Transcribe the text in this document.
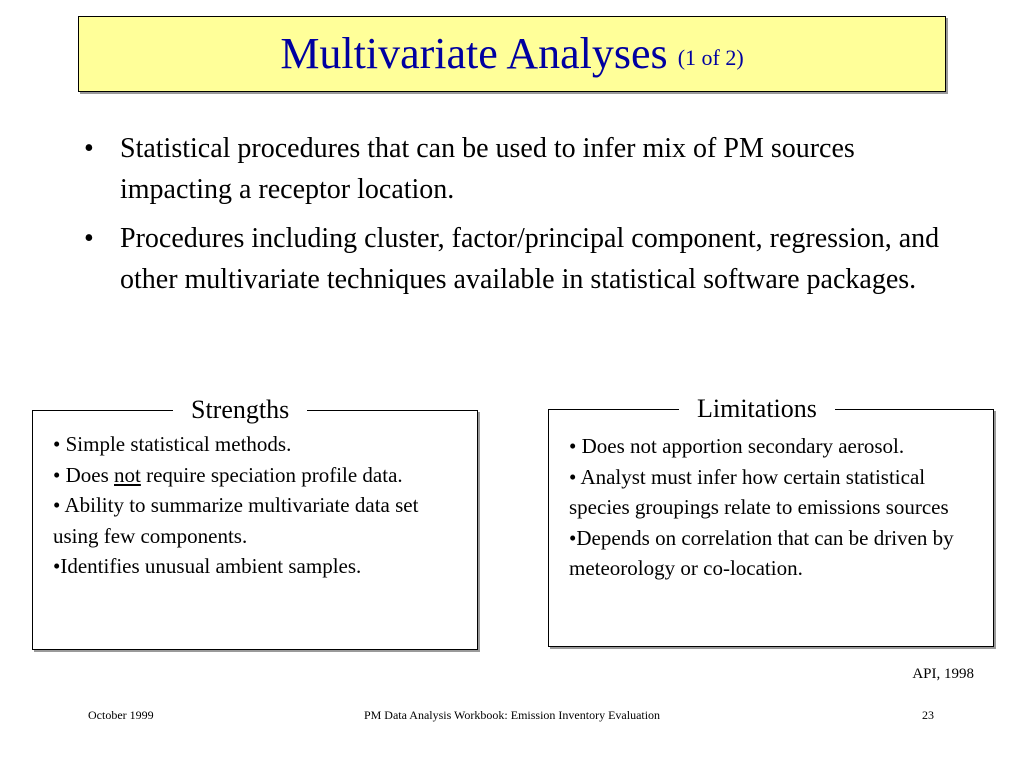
Multivariate Analyses (1 of 2)
• Statistical procedures that can be used to infer mix of PM sources impacting a receptor location.
• Procedures including cluster, factor/principal component, regression, and other multivariate techniques available in statistical software packages.
Strengths

• Simple statistical methods.

• Does not require speciation profile data.

• Ability to summarize multivariate data set using few components.

•Identifies unusual ambient samples.

Limitations

• Does not apportion secondary aerosol.

• Analyst must infer how certain statistical species groupings relate to emissions sources

•Depends on correlation that can be driven by meteorology or co-location.

API, 1998
October 1999	PM Data Analysis Workbook: Emission Inventory Evaluation	23
